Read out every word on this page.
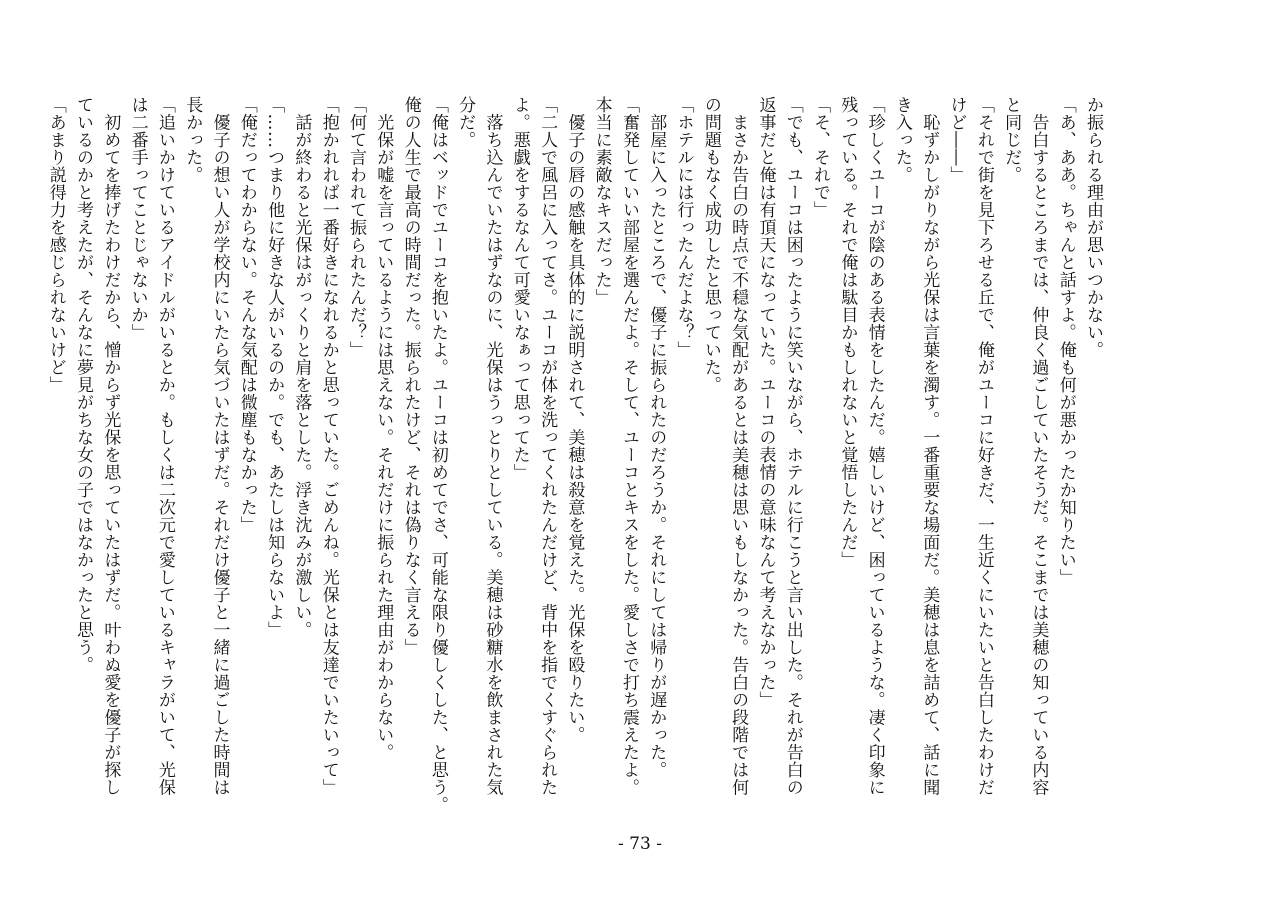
か振られる理由が思いつかない。
「あ、ああ。ちゃんと話すよ。俺も何が悪かったか知りたい」
　告白するところまでは、仲良く過ごしていたそうだ。そこまでは美穂の知っている内容
と同じだ。
「それで街を見下ろせる丘で、俺がユーコに好きだ、一生近くにいたいと告白したわけだ
けど――」
　恥ずかしがりながら光保は言葉を濁す。一番重要な場面だ。美穂は息を詰めて、話に聞
き入った。
「珍しくユーコが陰のある表情をしたんだ。嬉しいけど、困っているような。凄く印象に
残っている。それで俺は駄目かもしれないと覚悟したんだ」
「そ、それで」
「でも、ユーコは困ったように笑いながら、ホテルに行こうと言い出した。それが告白の
返事だと俺は有頂天になっていた。ユーコの表情の意味なんて考えなかった」
　まさか告白の時点で不穏な気配があるとは美穂は思いもしなかった。告白の段階では何
の問題もなく成功したと思っていた。
「ホテルには行ったんだよな？」
　部屋に入ったところで、優子に振られたのだろうか。それにしては帰りが遅かった。
「奮発していい部屋を選んだよ。そして、ユーコとキスをした。愛しさで打ち震えたよ。
本当に素敵なキスだった」
　優子の唇の感触を具体的に説明されて、美穂は殺意を覚えた。光保を殴りたい。
「二人で風呂に入ってさ。ユーコが体を洗ってくれたんだけど、背中を指でくすぐられた
よ。悪戯をするなんて可愛いなぁって思ってた」
　落ち込んでいたはずなのに、光保はうっとりとしている。美穂は砂糖水を飲まされた気
分だ。
「俺はベッドでユーコを抱いたよ。ユーコは初めてでさ、可能な限り優しくした、と思う。
俺の人生で最高の時間だった。振られたけど、それは偽りなく言える」
　光保が嘘を言っているようには思えない。それだけに振られた理由がわからない。
「何て言われて振られたんだ？」
「抱かれれば一番好きになれるかと思っていた。ごめんね。光保とは友達でいたいって」
　話が終わると光保はがっくりと肩を落とした。浮き沈みが激しい。
「……つまり他に好きな人がいるのか。でも、あたしは知らないよ」
「俺だってわからない。そんな気配は微塵もなかった」
　優子の想い人が学校内にいたら気づいたはずだ。それだけ優子と一緒に過ごした時間は
長かった。
「追いかけているアイドルがいるとか。もしくは二次元で愛しているキャラがいて、光保
は二番手ってことじゃないか」
　初めてを捧げたわけだから、憎からず光保を思っていたはずだ。叶わぬ愛を優子が探し
ているのかと考えたが、そんなに夢見がちな女の子ではなかったと思う。
「あまり説得力を感じられないけど」
- 73 -
